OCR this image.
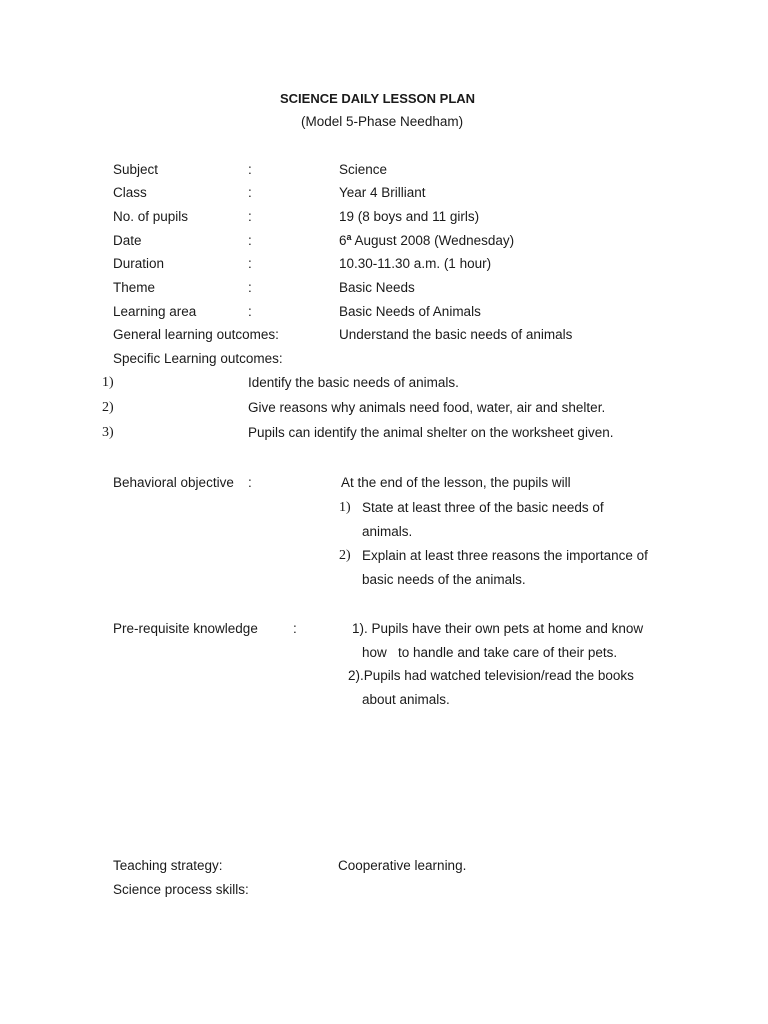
SCIENCE DAILY LESSON PLAN
(Model 5-Phase Needham)
Subject	:	Science
Class	:	Year 4 Brilliant
No. of pupils	:	19 (8 boys and 11 girls)
Date	:	6$^a$ August 2008 (Wednesday)
Duration	:	10.30-11.30 a.m. (1 hour)
Theme	:	Basic Needs
Learning area	:	Basic Needs of Animals
General learning outcomes:	Understand the basic needs of animals
Specific Learning outcomes:
1)	Identify the basic needs of animals.
2)	Give reasons why animals need food, water, air and shelter.
3)	Pupils can identify the animal shelter on the worksheet given.
Behavioral objective :	At the end of the lesson, the pupils will
1) State at least three of the basic needs of
animals.
2) Explain at least three reasons the importance of
basic needs of the animals.
Pre-requisite knowledge	:	1). Pupils have their own pets at home and know
how   to handle and take care of their pets.
2).Pupils had watched television/read the books
about animals.
Teaching strategy:	Cooperative learning.
Science process skills:
